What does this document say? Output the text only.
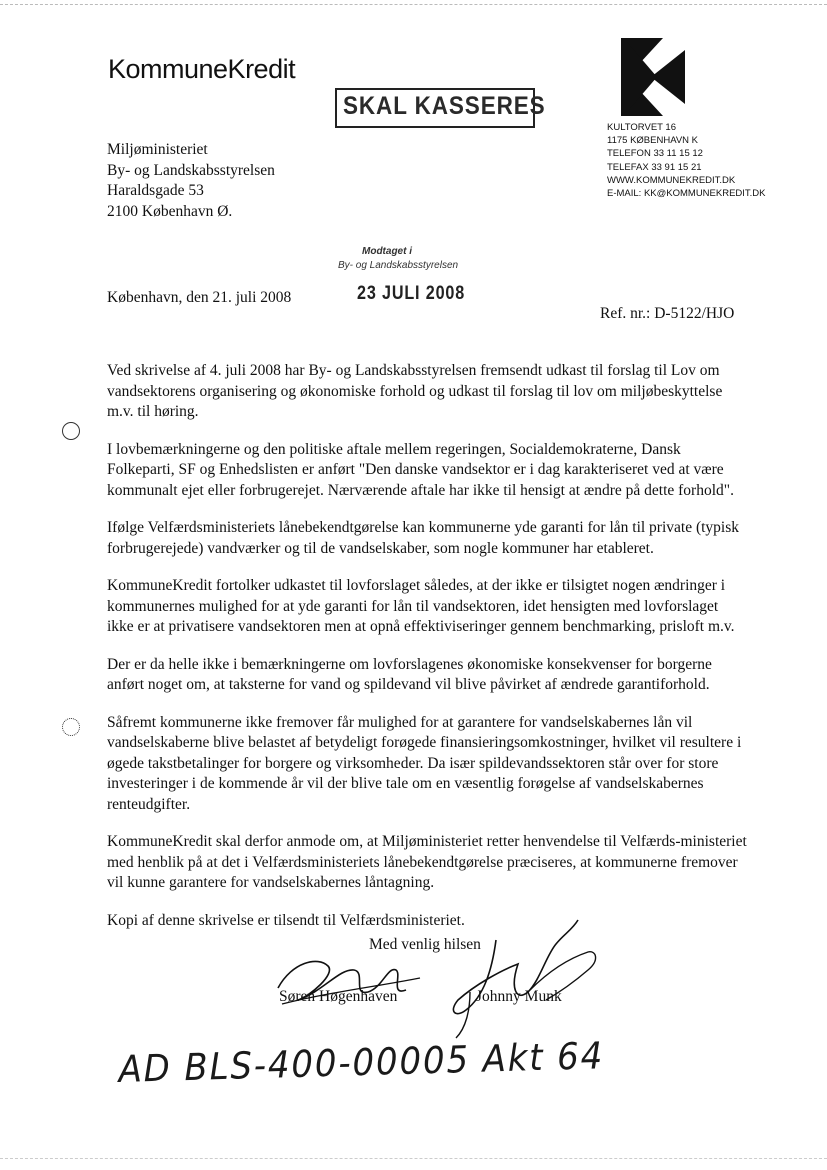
KommuneKredit
KULTORVET 16
1175 KØBENHAVN K
TELEFON 33 11 15 12
TELEFAX 33 91 15 21
WWW.KOMMUNEKREDIT.DK
E-MAIL: KK@KOMMUNEKREDIT.DK
SKAL KASSERES
Miljøministeriet
By- og Landskabsstyrelsen
Haraldsgade 53
2100 København Ø.
Modtaget i
By- og Landskabsstyrelsen
23 JULI 2008
København, den 21. juli 2008
Ref. nr.: D-5122/HJO

Ved skrivelse af 4. juli 2008 har By- og Landskabsstyrelsen fremsendt udkast til forslag til Lov om vandsektorens organisering og økonomiske forhold og udkast til forslag til lov om miljøbeskyttelse m.v. til høring.

I lovbemærkningerne og den politiske aftale mellem regeringen, Socialdemokraterne, Dansk Folkeparti, SF og Enhedslisten er anført "Den danske vandsektor er i dag karakteriseret ved at være kommunalt ejet eller forbrugerejet. Nærværende aftale har ikke til hensigt at ændre på dette forhold".

Ifølge Velfærdsministeriets lånebekendtgørelse kan kommunerne yde garanti for lån til private (typisk forbrugerejede) vandværker og til de vandselskaber, som nogle kommuner har etableret.

KommuneKredit fortolker udkastet til lovforslaget således, at der ikke er tilsigtet nogen ændringer i kommunernes mulighed for at yde garanti for lån til vandsektoren, idet hensigten med lovforslaget ikke er at privatisere vandsektoren men at opnå effektiviseringer gennem benchmarking, prisloft m.v.

Der er da helle ikke i bemærkningerne om lovforslagenes økonomiske konsekvenser for borgerne anført noget om, at taksterne for vand og spildevand vil blive påvirket af ændrede garantiforhold.

Såfremt kommunerne ikke fremover får mulighed for at garantere for vandselskabernes lån vil vandselskaberne blive belastet af betydeligt forøgede finansieringsomkostninger, hvilket vil resultere i øgede takstbetalinger for borgere og virksomheder. Da især spildevandssektoren står over for store investeringer i de kommende år vil der blive tale om en væsentlig forøgelse af vandselskabernes renteudgifter.

KommuneKredit skal derfor anmode om, at Miljøministeriet retter henvendelse til Velfærds-ministeriet med henblik på at det i Velfærdsministeriets lånebekendtgørelse præciseres, at kommunerne fremover vil kunne garantere for vandselskabernes låntagning.

Kopi af denne skrivelse er tilsendt til Velfærdsministeriet.

Med venlig hilsen
Søren Høgenhaven	Johnny Munk
AD BLS-400-00005 Akt 64
